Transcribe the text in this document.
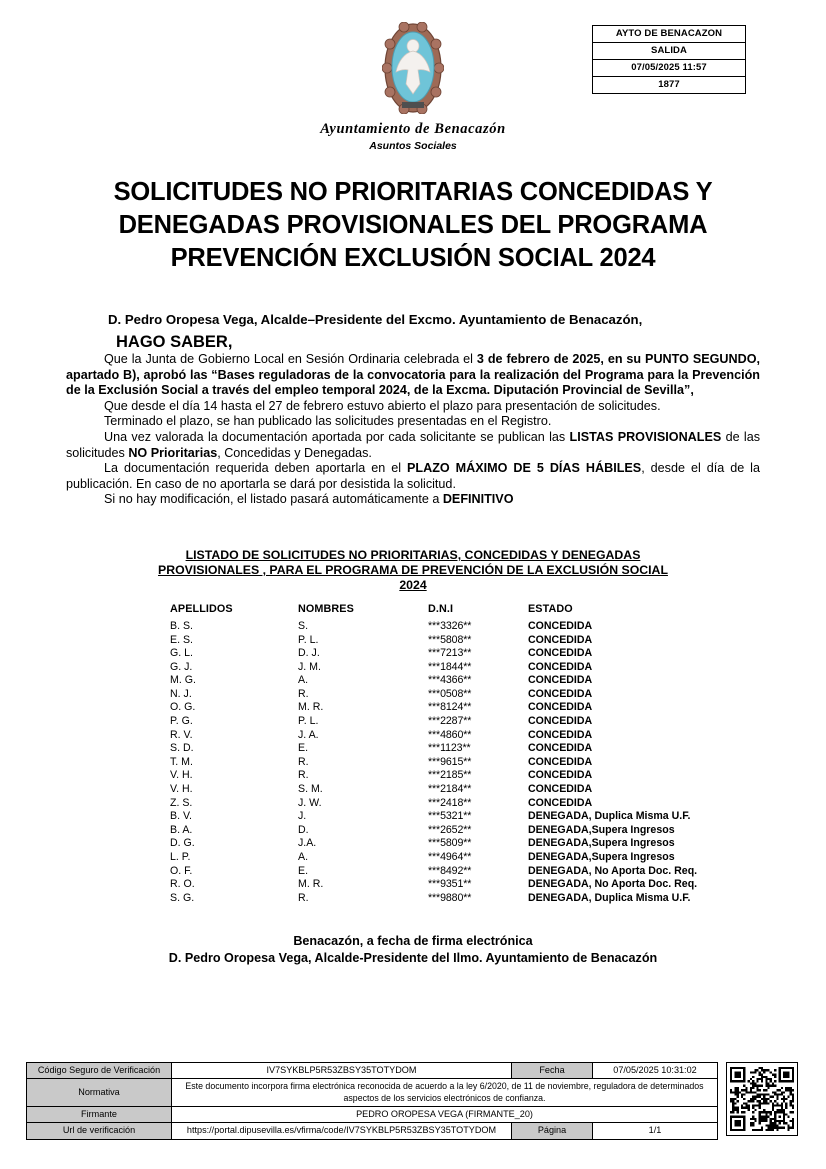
Ayuntamiento de Benacazón
Asuntos Sociales
AYTO DE BENACAZON
SALIDA
07/05/2025 11:57
1877
SOLICITUDES NO PRIORITARIAS CONCEDIDAS Y DENEGADAS PROVISIONALES DEL PROGRAMA PREVENCIÓN EXCLUSIÓN SOCIAL 2024
D. Pedro Oropesa Vega, Alcalde–Presidente del Excmo. Ayuntamiento de Benacazón,
HAGO SABER,

Que la Junta de Gobierno Local en Sesión Ordinaria celebrada el 3 de febrero de 2025, en su PUNTO SEGUNDO, apartado B), aprobó las “Bases reguladoras de la convocatoria para la realización del Programa para la Prevención de la Exclusión Social a través del empleo temporal 2024, de la Excma. Diputación Provincial de Sevilla”,

Que desde el día 14 hasta el 27 de febrero estuvo abierto el plazo para presentación de solicitudes.

Terminado el plazo, se han publicado las solicitudes presentadas en el Registro.

Una vez valorada la documentación aportada por cada solicitante se publican las LISTAS PROVISIONALES de las solicitudes NO Prioritarias, Concedidas y Denegadas.

La documentación requerida deben aportarla en el PLAZO MÁXIMO DE 5 DÍAS HÁBILES, desde el día de la publicación. En caso de no aportarla se dará por desistida la solicitud.

Si no hay modificación, el listado pasará automáticamente a DEFINITIVO

LISTADO DE SOLICITUDES NO PRIORITARIAS, CONCEDIDAS Y DENEGADAS
PROVISIONALES , PARA EL PROGRAMA DE PREVENCIÓN DE LA EXCLUSIÓN SOCIAL
2024
APELLIDOS	NOMBRES	D.N.I	ESTADO
B. S.	S.	***3326**	CONCEDIDA
E. S.	P. L.	***5808**	CONCEDIDA
G. L.	D. J.	***7213**	CONCEDIDA
G. J.	J. M.	***1844**	CONCEDIDA
M. G.	A.	***4366**	CONCEDIDA
N. J.	R.	***0508**	CONCEDIDA
O. G.	M. R.	***8124**	CONCEDIDA
P. G.	P. L.	***2287**	CONCEDIDA
R. V.	J. A.	***4860**	CONCEDIDA
S. D.	E.	***1123**	CONCEDIDA
T. M.	R.	***9615**	CONCEDIDA
V. H.	R.	***2185**	CONCEDIDA
V. H.	S. M.	***2184**	CONCEDIDA
Z. S.	J. W.	***2418**	CONCEDIDA
B. V.	J.	***5321**	DENEGADA, Duplica Misma U.F.
B. A.	D.	***2652**	DENEGADA,Supera Ingresos
D. G.	J.A.	***5809**	DENEGADA,Supera Ingresos
L. P.	A.	***4964**	DENEGADA,Supera Ingresos
O. F.	E.	***8492**	DENEGADA, No Aporta Doc. Req.
R. O.	M. R.	***9351**	DENEGADA, No Aporta Doc. Req.
S. G.	R.	***9880**	DENEGADA, Duplica Misma U.F.
Benacazón, a fecha de firma electrónica
D. Pedro Oropesa Vega, Alcalde-Presidente del Ilmo. Ayuntamiento de Benacazón
Código Seguro de Verificación	IV7SYKBLP5R53ZBSY35TOTYDOM	Fecha	07/05/2025 10:31:02
Normativa	Este documento incorpora firma electrónica reconocida de acuerdo a la ley 6/2020, de 11 de noviembre, reguladora de determinados aspectos de los servicios electrónicos de confianza.		
Firmante	PEDRO OROPESA VEGA (FIRMANTE_20)		
Url de verificación	https://portal.dipusevilla.es/vfirma/code/IV7SYKBLP5R53ZBSY35TOTYDOM	Página	1/1
